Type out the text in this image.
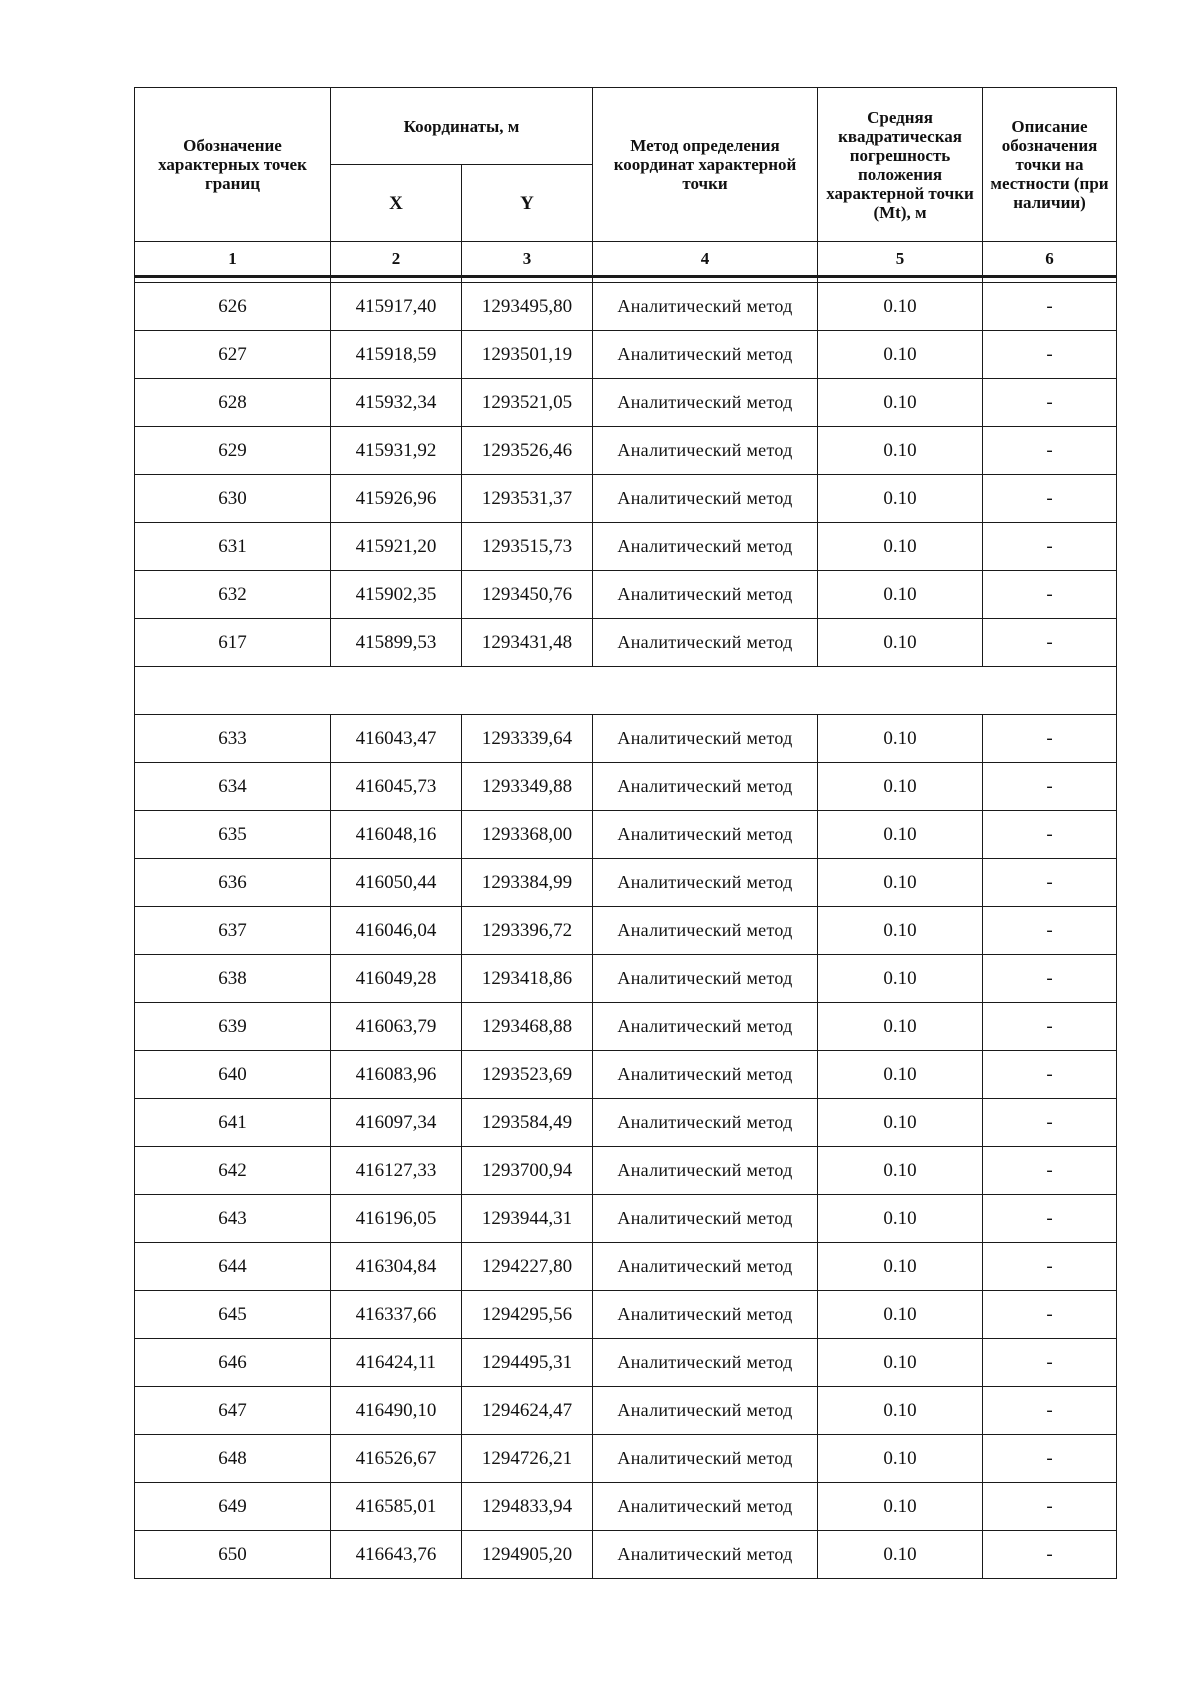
Обозначение характерных точек границ	Координаты, м		Метод определения координат характерной точки	Средняя квадратическая погрешность положения характерной точки (Mt), м	Описание обозначения точки на местности (при наличии)
	X	Y			
1	2	3	4	5	6

626	415917,40	1293495,80	Аналитический метод	0.10	-
627	415918,59	1293501,19	Аналитический метод	0.10	-
628	415932,34	1293521,05	Аналитический метод	0.10	-
629	415931,92	1293526,46	Аналитический метод	0.10	-
630	415926,96	1293531,37	Аналитический метод	0.10	-
631	415921,20	1293515,73	Аналитический метод	0.10	-
632	415902,35	1293450,76	Аналитический метод	0.10	-
617	415899,53	1293431,48	Аналитический метод	0.10	-

633	416043,47	1293339,64	Аналитический метод	0.10	-
634	416045,73	1293349,88	Аналитический метод	0.10	-
635	416048,16	1293368,00	Аналитический метод	0.10	-
636	416050,44	1293384,99	Аналитический метод	0.10	-
637	416046,04	1293396,72	Аналитический метод	0.10	-
638	416049,28	1293418,86	Аналитический метод	0.10	-
639	416063,79	1293468,88	Аналитический метод	0.10	-
640	416083,96	1293523,69	Аналитический метод	0.10	-
641	416097,34	1293584,49	Аналитический метод	0.10	-
642	416127,33	1293700,94	Аналитический метод	0.10	-
643	416196,05	1293944,31	Аналитический метод	0.10	-
644	416304,84	1294227,80	Аналитический метод	0.10	-
645	416337,66	1294295,56	Аналитический метод	0.10	-
646	416424,11	1294495,31	Аналитический метод	0.10	-
647	416490,10	1294624,47	Аналитический метод	0.10	-
648	416526,67	1294726,21	Аналитический метод	0.10	-
649	416585,01	1294833,94	Аналитический метод	0.10	-
650	416643,76	1294905,20	Аналитический метод	0.10	-
